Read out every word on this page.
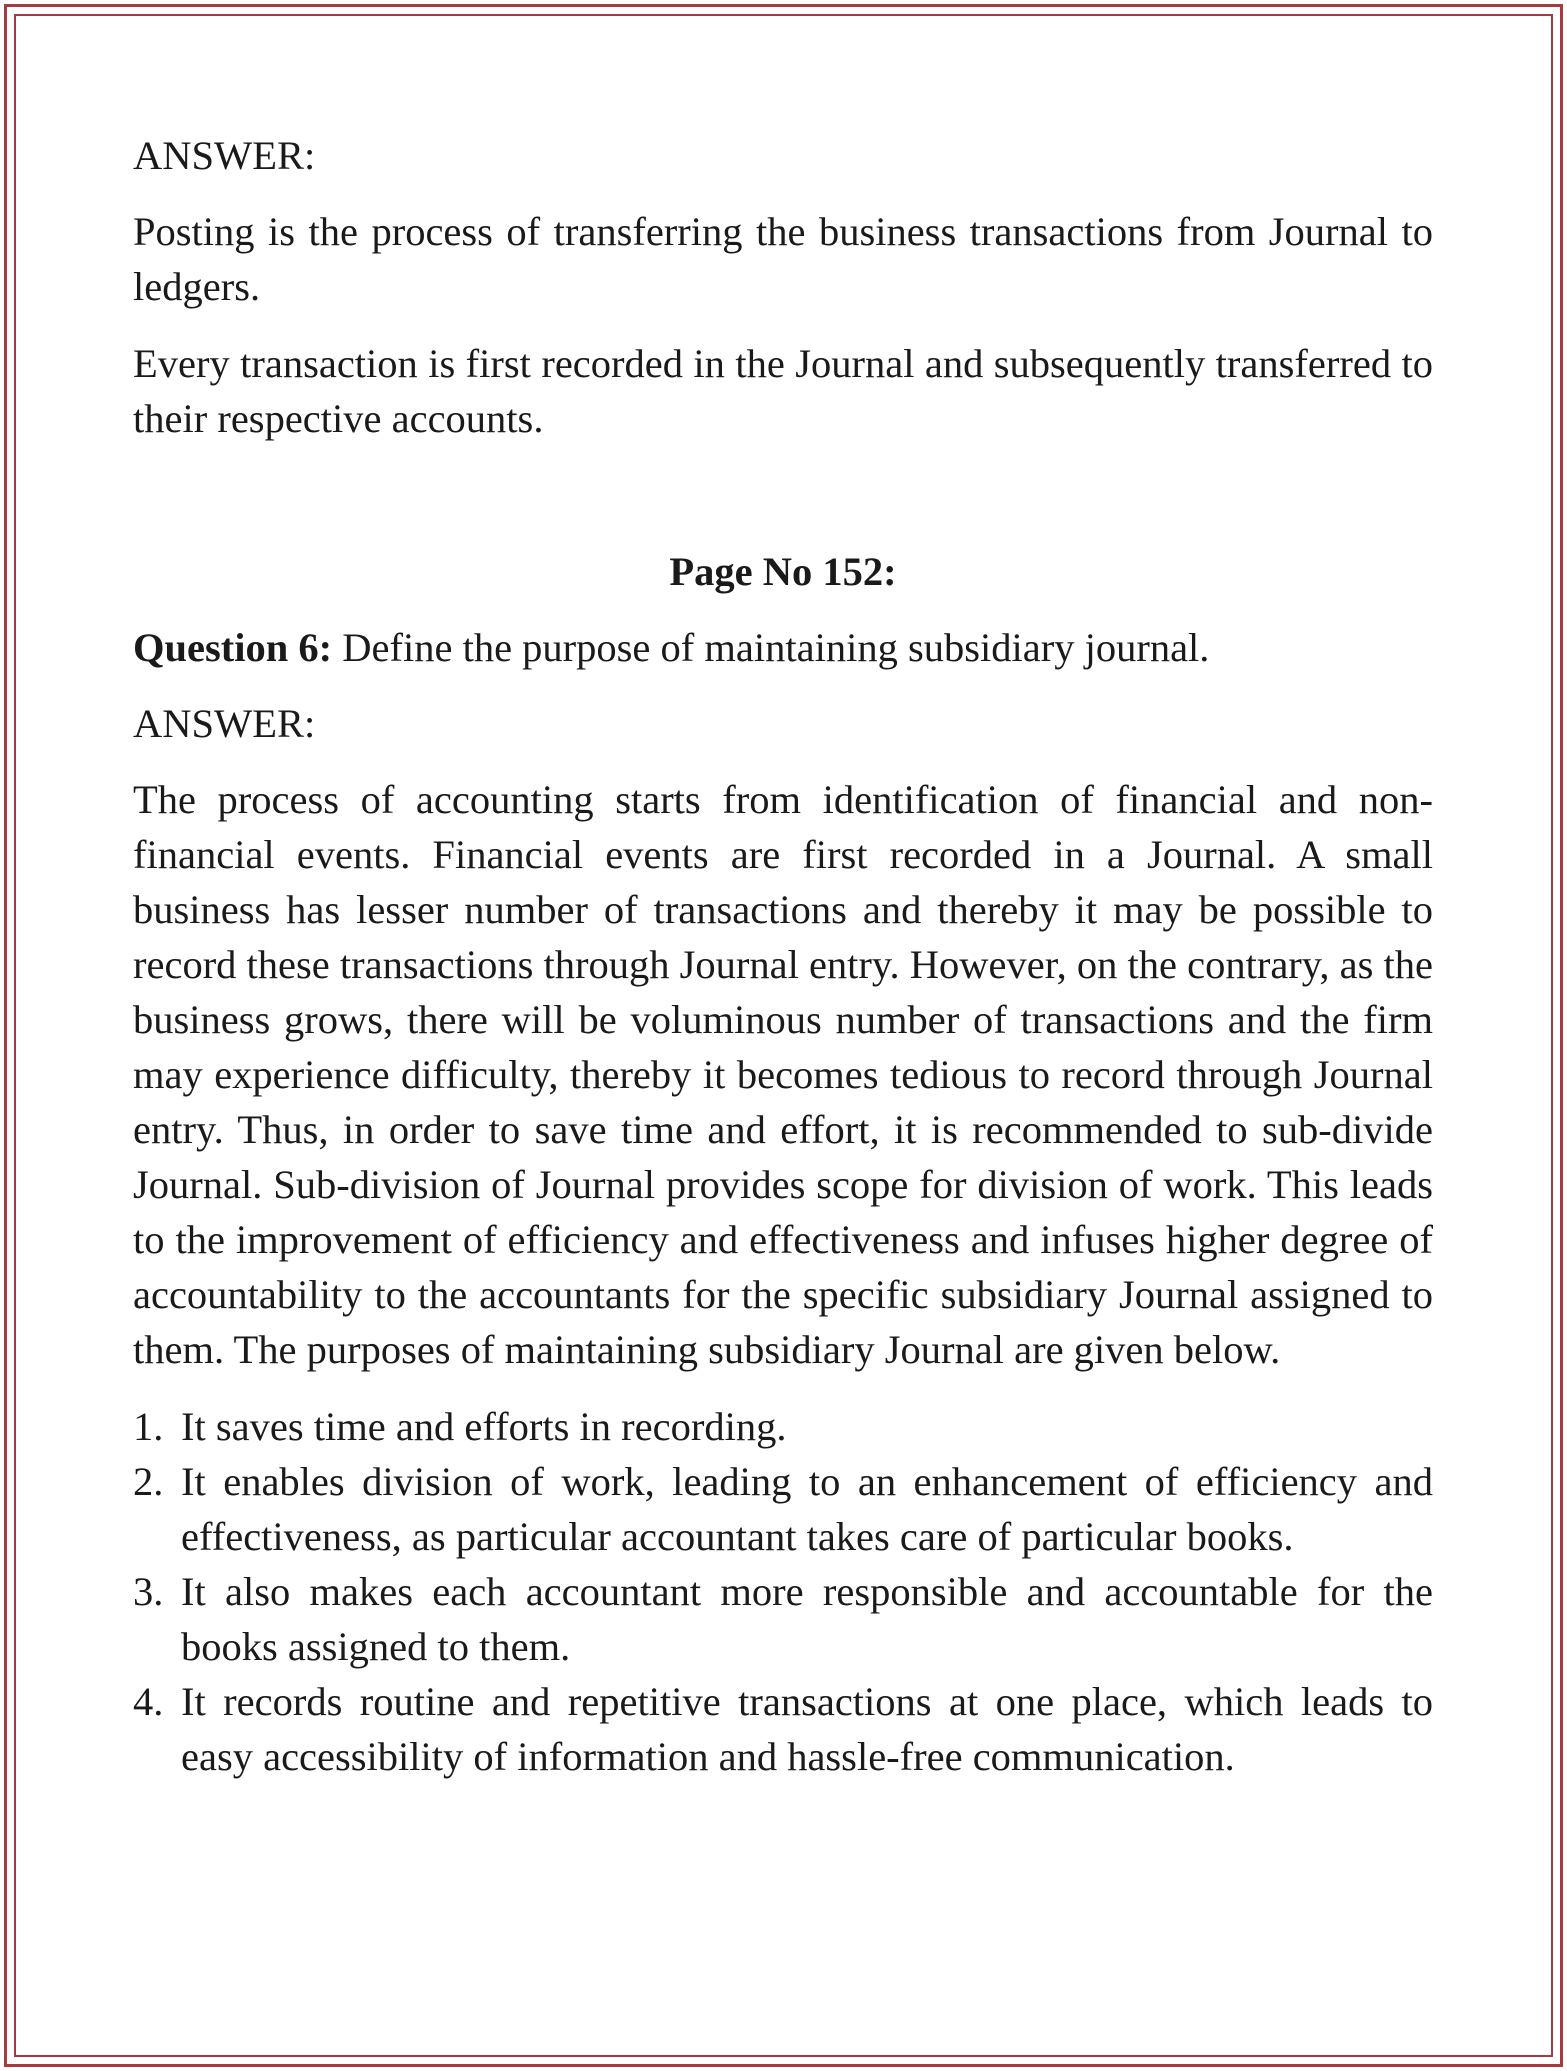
ANSWER:

Posting is the process of transferring the business transactions from Journal to ledgers.

Every transaction is first recorded in the Journal and subsequently transferred to their respective accounts.

Page No 152:

Question 6: Define the purpose of maintaining subsidiary journal.

ANSWER:

The process of accounting starts from identification of financial and non-financial events. Financial events are first recorded in a Journal. A small business has lesser number of transactions and thereby it may be possible to record these transactions through Journal entry. However, on the contrary, as the business grows, there will be voluminous number of transactions and the firm may experience difficulty, thereby it becomes tedious to record through Journal entry. Thus, in order to save time and effort, it is recommended to sub-divide Journal. Sub-division of Journal provides scope for division of work. This leads to the improvement of efficiency and effectiveness and infuses higher degree of accountability to the accountants for the specific subsidiary Journal assigned to them. The purposes of maintaining subsidiary Journal are given below.

1. It saves time and efforts in recording.
2. It enables division of work, leading to an enhancement of efficiency and effectiveness, as particular accountant takes care of particular books.
3. It also makes each accountant more responsible and accountable for the books assigned to them.
4. It records routine and repetitive transactions at one place, which leads to easy accessibility of information and hassle-free communication.
